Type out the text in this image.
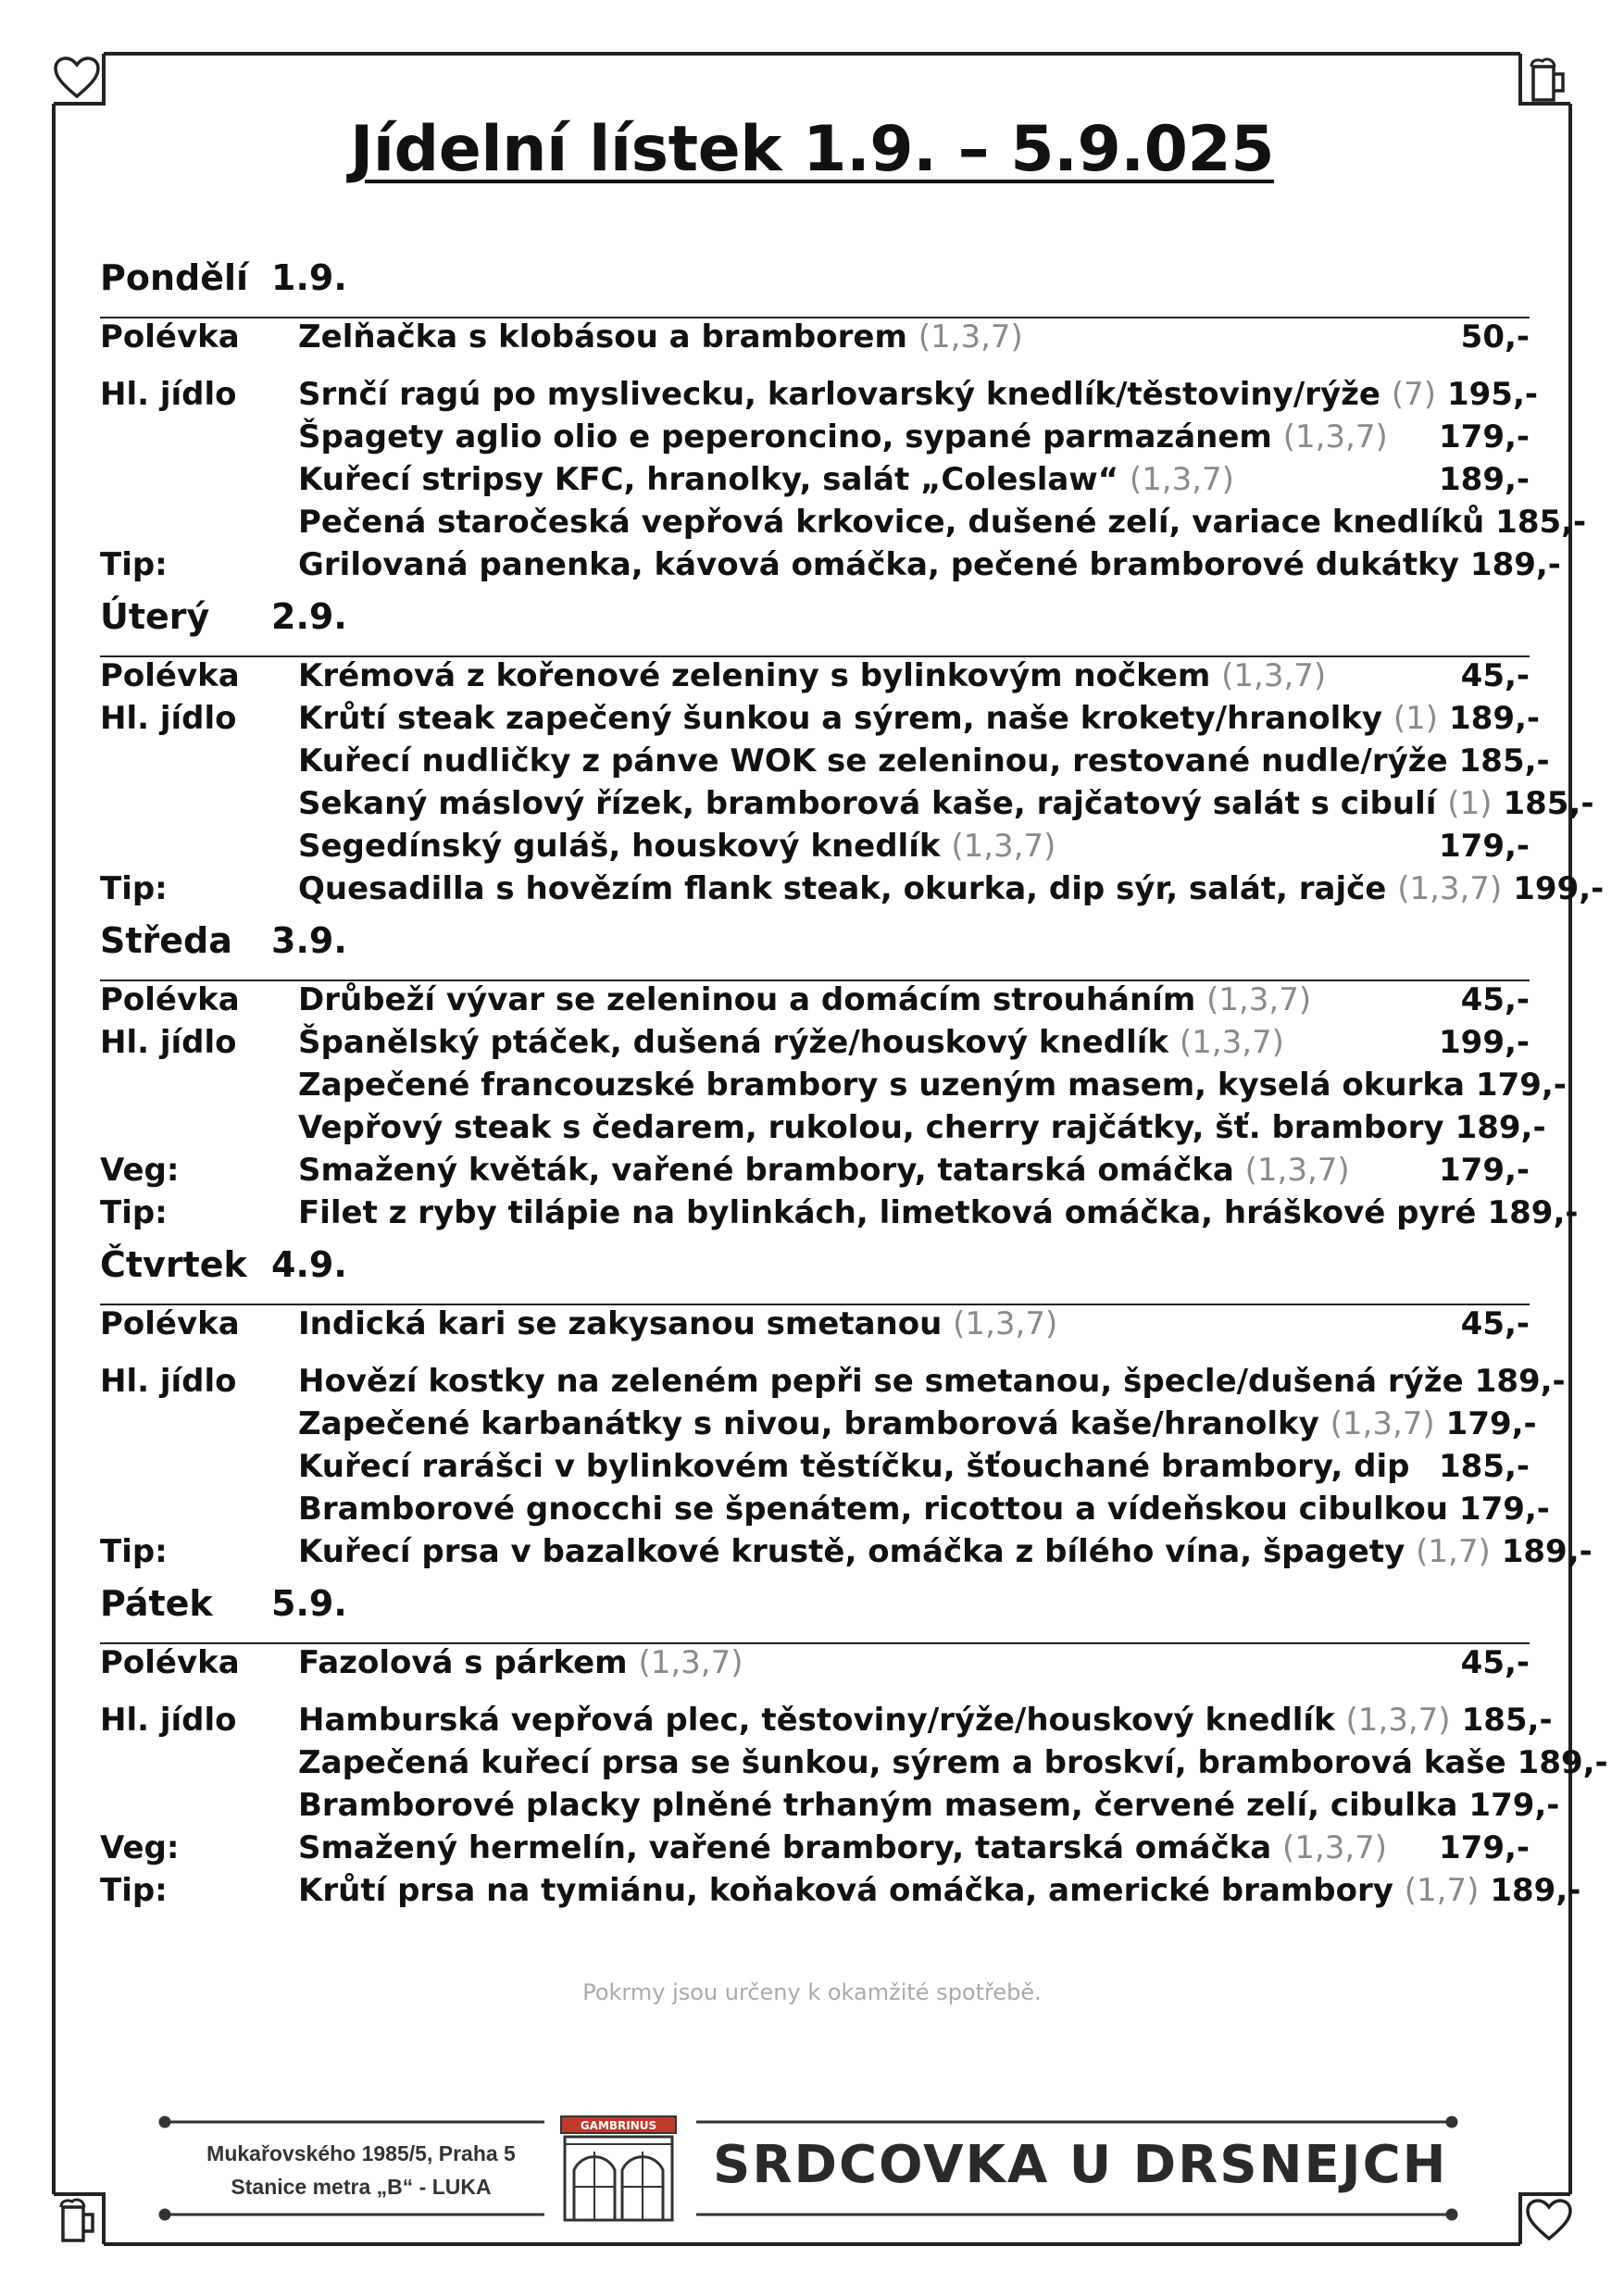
Jídelní lístek 1.9. – 5.9.025
Pondělí 1.9.
Polévka	Zelňačka s klobásou a bramborem (1,3,7)	50,-
Hl. jídlo	Srnčí ragú po myslivecku, karlovarský knedlík/těstoviny/rýže (7) 195,-
Špagety aglio olio e peperoncino, sypané parmazánem (1,3,7)	179,-
Kuřecí stripsy KFC, hranolky, salát „Coleslaw“ (1,3,7)	189,-
Pečená staročeská vepřová krkovice, dušené zelí, variace knedlíků 185,-
Tip:	Grilovaná panenka, kávová omáčka, pečené bramborové dukátky 189,-
Úterý	2.9.
Polévka	Krémová z kořenové zeleniny s bylinkovým nočkem (1,3,7)	45,-
Hl. jídlo	Krůtí steak zapečený šunkou a sýrem, naše krokety/hranolky (1) 189,-
Kuřecí nudličky z pánve WOK se zeleninou, restované nudle/rýže 185,-
Sekaný máslový řízek, bramborová kaše, rajčatový salát s cibulí (1) 185,-
Segedínský guláš, houskový knedlík (1,3,7)	179,-
Tip:	Quesadilla s hovězím flank steak, okurka, dip sýr, salát, rajče (1,3,7) 199,-
Středa	3.9.
Polévka	Drůbeží vývar se zeleninou a domácím strouháním (1,3,7)	45,-
Hl. jídlo	Španělský ptáček, dušená rýže/houskový knedlík (1,3,7)	199,-
Zapečené francouzské brambory s uzeným masem, kyselá okurka 179,-
Vepřový steak s čedarem, rukolou, cherry rajčátky, šť. brambory 189,-
Veg:	Smažený květák, vařené brambory, tatarská omáčka (1,3,7)	179,-
Tip:	Filet z ryby tilápie na bylinkách, limetková omáčka, hráškové pyré 189,-
Čtvrtek 4.9.
Polévka	Indická kari se zakysanou smetanou (1,3,7)	45,-
Hl. jídlo	Hovězí kostky na zeleném pepři se smetanou, špecle/dušená rýže 189,-
Zapečené karbanátky s nivou, bramborová kaše/hranolky (1,3,7) 179,-
Kuřecí rarášci v bylinkovém těstíčku, šťouchané brambory, dip 185,-
Bramborové gnocchi se špenátem, ricottou a vídeňskou cibulkou 179,-
Tip:	Kuřecí prsa v bazalkové krustě, omáčka z bílého vína, špagety (1,7) 189,-
Pátek	5.9.
Polévka	Fazolová s párkem (1,3,7)	45,-
Hl. jídlo	Hamburská vepřová plec, těstoviny/rýže/houskový knedlík (1,3,7) 185,-
Zapečená kuřecí prsa se šunkou, sýrem a broskví, bramborová kaše 189,-
Bramborové placky plněné trhaným masem, červené zelí, cibulka 179,-
Veg:	Smažený hermelín, vařené brambory, tatarská omáčka (1,3,7)	179,-
Tip:	Krůtí prsa na tymiánu, koňaková omáčka, americké brambory (1,7) 189,-
Pokrmy jsou určeny k okamžité spotřebě.
Mukařovského 1985/5, Praha 5
Stanice metra „B“ - LUKA
GAMBRINUS
SRDCOVKA U DRSNEJCH
